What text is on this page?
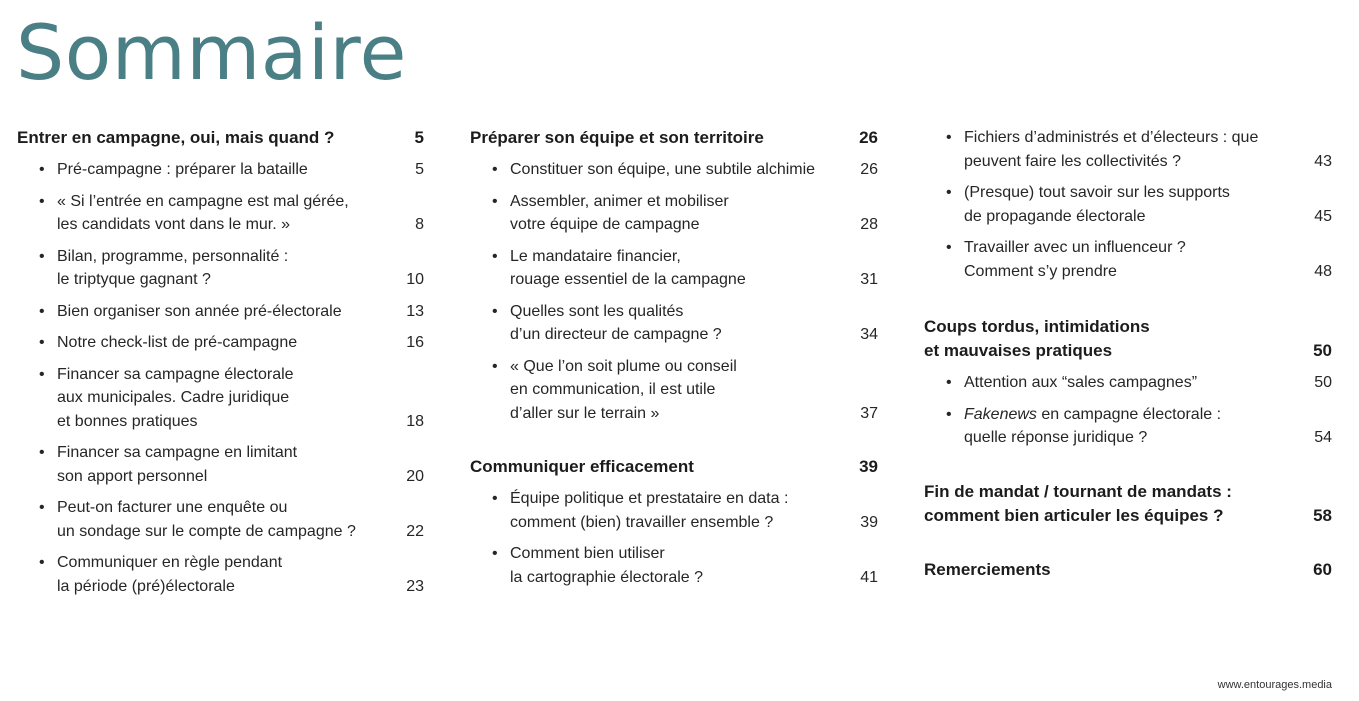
Sommaire
Entrer en campagne, oui, mais quand ?	5
• Pré-campagne : préparer la bataille	5
• « Si l’entrée en campagne est mal gérée,
les candidats vont dans le mur. »	8
• Bilan, programme, personnalité :
le triptyque gagnant ?	10
• Bien organiser son année pré-électorale	13
• Notre check-list de pré-campagne	16
• Financer sa campagne électorale
aux municipales. Cadre juridique
et bonnes pratiques	18
• Financer sa campagne en limitant
son apport personnel	20
• Peut-on facturer une enquête ou
un sondage sur le compte de campagne ?	22
• Communiquer en règle pendant
la période (pré)électorale	23
Préparer son équipe et son territoire	26
• Constituer son équipe, une subtile alchimie	26
• Assembler, animer et mobiliser
votre équipe de campagne	28
• Le mandataire financier,
rouage essentiel de la campagne	31
• Quelles sont les qualités
d’un directeur de campagne ?	34
• « Que l’on soit plume ou conseil
en communication, il est utile
d’aller sur le terrain »	37
Communiquer efficacement	39
• Équipe politique et prestataire en data :
comment (bien) travailler ensemble ?	39
• Comment bien utiliser
la cartographie électorale ?	41
• Fichiers d’administrés et d’électeurs : que
peuvent faire les collectivités ?	43
• (Presque) tout savoir sur les supports
de propagande électorale	45
• Travailler avec un influenceur ?
Comment s’y prendre	48
Coups tordus, intimidations
et mauvaises pratiques	50
• Attention aux “sales campagnes”	50
• Fakenews en campagne électorale :
quelle réponse juridique ?	54
Fin de mandat / tournant de mandats :
comment bien articuler les équipes ?	58
Remerciements	60
www.entourages.media
